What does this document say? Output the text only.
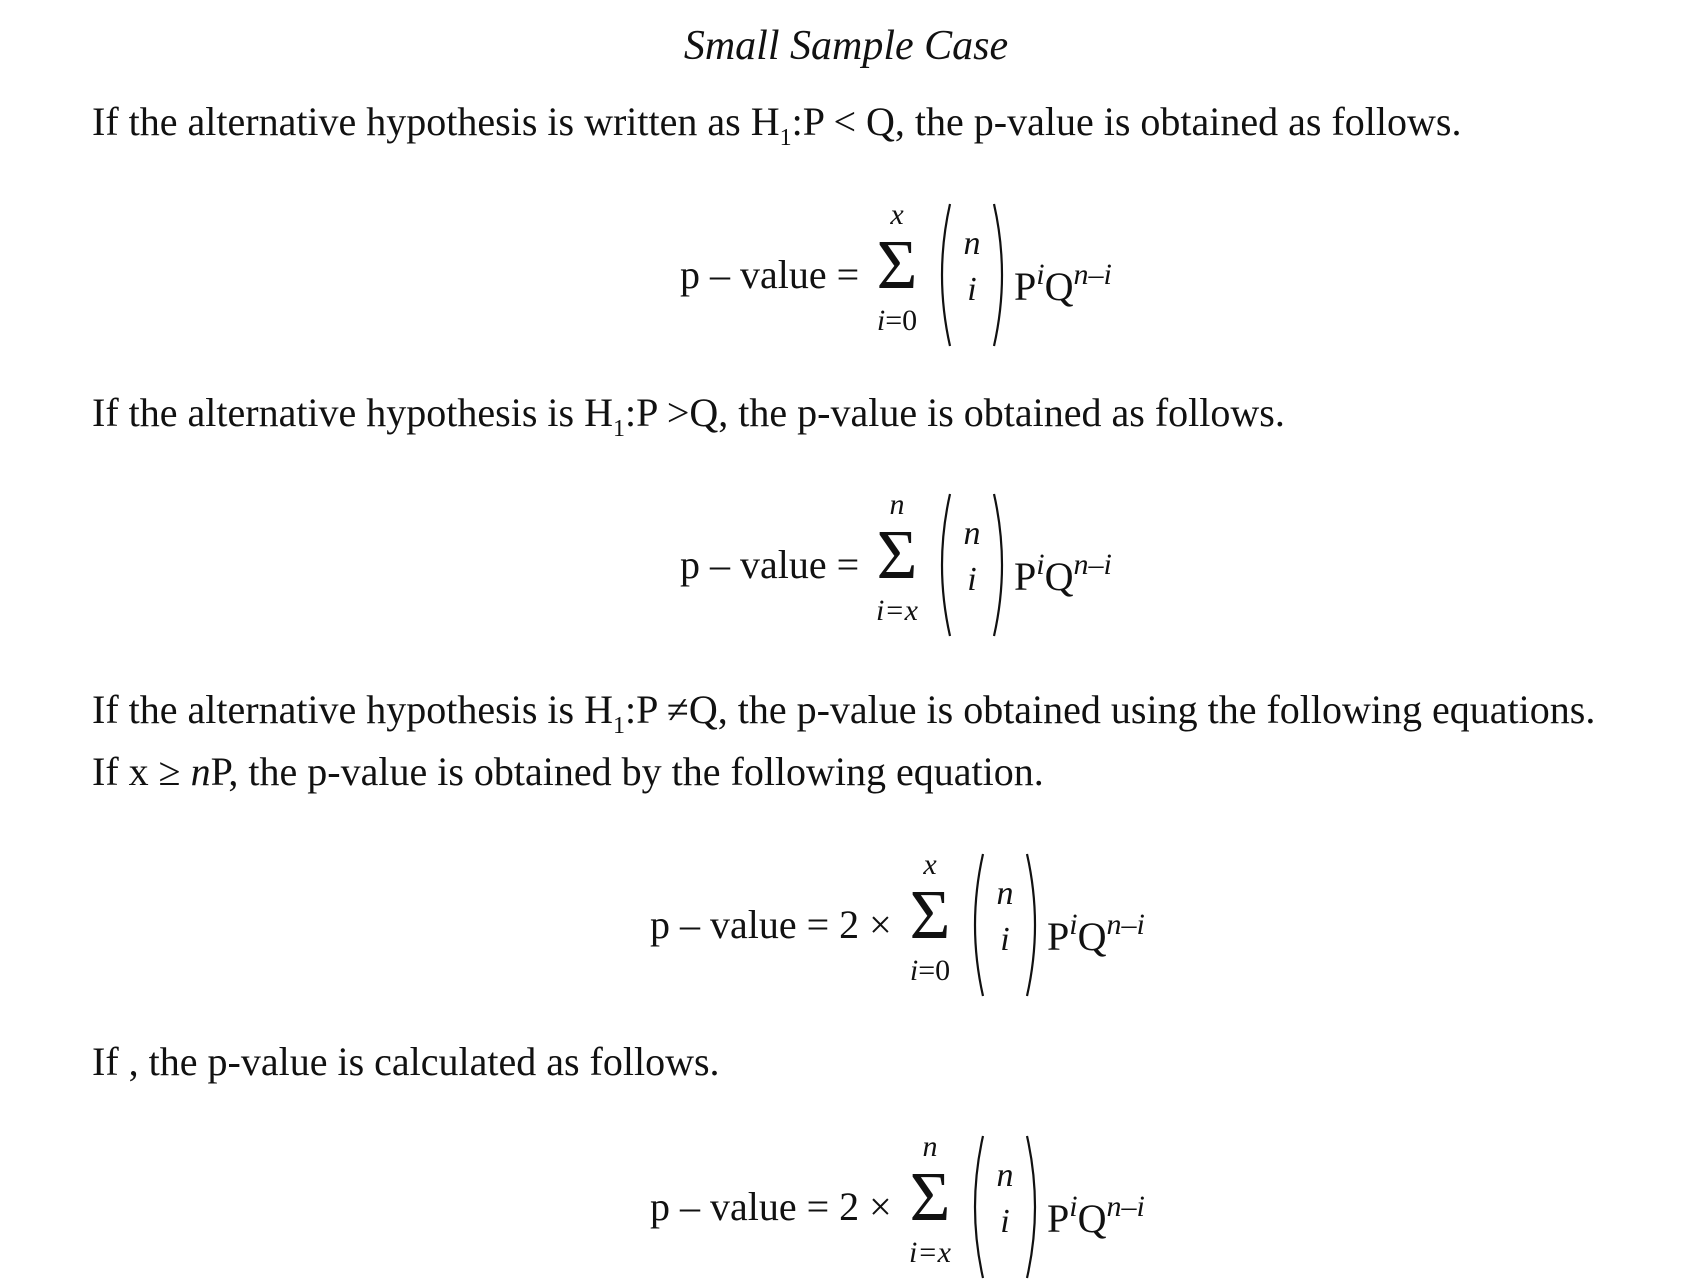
Small Sample Case
If the alternative hypothesis is written as $H_1:P < Q$, the p-value is obtained as follows.
p – value =
x
Σ
i=0
n
i $P^iQ^{n-i}$
If the alternative hypothesis is $H_1:P >Q$, the p-value is obtained as follows.
p – value =
n
Σ
i=x
n
i $P^iQ^{n-i}$
If the alternative hypothesis is $H_1:P \ne Q$, the p-value is obtained using the following equations.
If x ≥ nP, the p-value is obtained by the following equation.
p – value = 2 ×
x
Σ
i=0
n
i $P^iQ^{n-i}$
If , the p-value is calculated as follows.
p – value = 2 ×
n
Σ
i=x
n
i $P^iQ^{n-i}$
